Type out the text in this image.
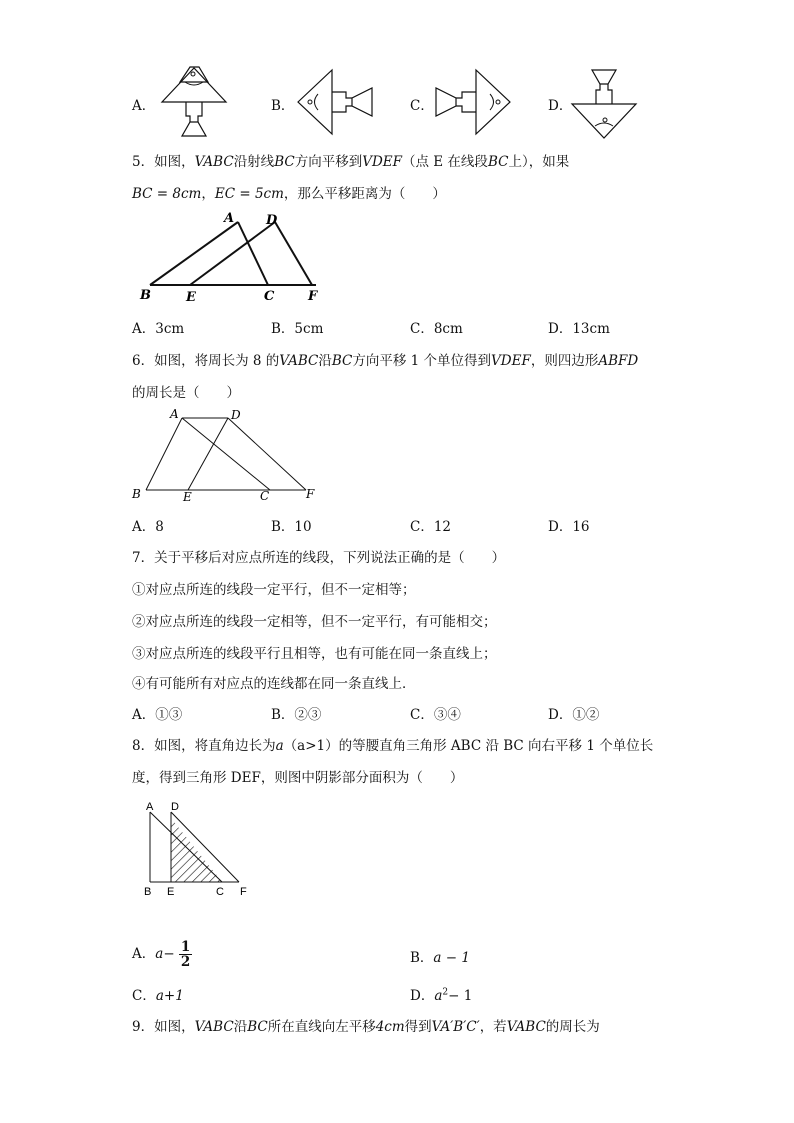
A．	B．	C．	D．
5．如图，VABC沿射线BC方向平移到VDEF（点 E 在线段BC上），如果
BC = 8cm，EC = 5cm，那么平移距离为（　　）
A D
B	E	C	F
A．3cm	B．5cm	C．8cm	D．13cm
6．如图，将周长为 8 的VABC沿BC方向平移 1 个单位得到VDEF，则四边形ABFD
的周长是（　　）
A	D
B	E	C	F
A．8	B．10	C．12	D．16
7．关于平移后对应点所连的线段，下列说法正确的是（　　）
①对应点所连的线段一定平行，但不一定相等；
②对应点所连的线段一定相等，但不一定平行，有可能相交；
③对应点所连的线段平行且相等，也有可能在同一条直线上；
④有可能所有对应点的连线都在同一条直线上．
A．①③	B．②③	C．③④	D．①②
8．如图，将直角边长为a（a>1）的等腰直角三角形 ABC 沿 BC 向右平移 1 个单位长
度，得到三角形 DEF，则图中阴影部分面积为（　　）
A D
B E	C F
A．$a- \frac{1}{2}$	B．a − 1
C．a+1	D．$a^2- 1$
9．如图，VABC沿BC所在直线向左平移4cm得到VA′B′C′，若VABC的周长为
